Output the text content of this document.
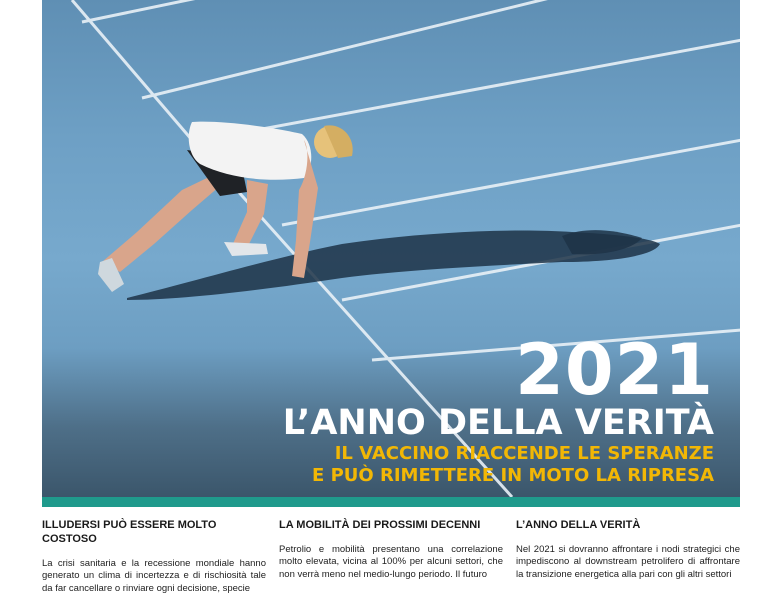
2021
L’ANNO DELLA VERITÀ
IL VACCINO RIACCENDE LE SPERANZE
E PUÒ RIMETTERE IN MOTO LA RIPRESA
ILLUDERSI PUÒ ESSERE MOLTO COSTOSO

La crisi sanitaria e la recessione mondiale hanno generato un clima di incertezza e di rischiosità tale da far cancellare o rinviare ogni decisione, specie

LA MOBILITÀ DEI PROSSIMI DECENNI

Petrolio e mobilità presentano una correlazione molto elevata, vicina al 100% per alcuni settori, che non verrà meno nel medio-lungo periodo. Il futuro

L’ANNO DELLA VERITÀ

Nel 2021 si dovranno affrontare i nodi strategici che impediscono al downstream petrolifero di affrontare la transizione energetica alla pari con gli altri settori
